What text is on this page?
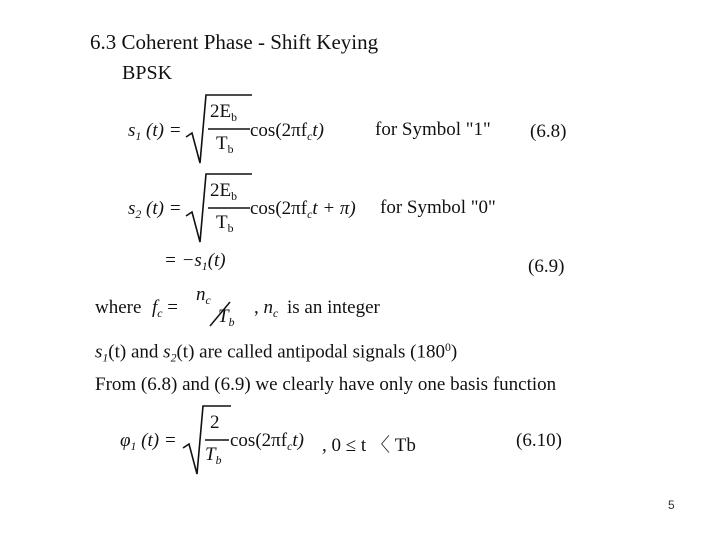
6.3 Coherent Phase - Shift Keying
BPSK
$s_1$ (t) =
$2E_b$
$T_b$
$\cos(2\pi f_ct)$	for Symbol "1" (6.8)
$s_2$ (t) =
$2E_b$
$T_b$
$\cos(2\pi f_ct + \pi)$ for Symbol "0"
= $-s_1(t)$	(6.9)
where $f_c$ =
$n_c$
$T_b$
, $n_c$ is an integer
$s_1(t)$ and $s_2(t)$ are called antipodal signals $(180^0)$
From (6.8) and (6.9) we clearly have only one basis function
$\varphi_1$ (t) =
2
$T_b$
$\cos(2\pi f_ct)$ , 0 ≤ t 〈 Tb	(6.10)
5
